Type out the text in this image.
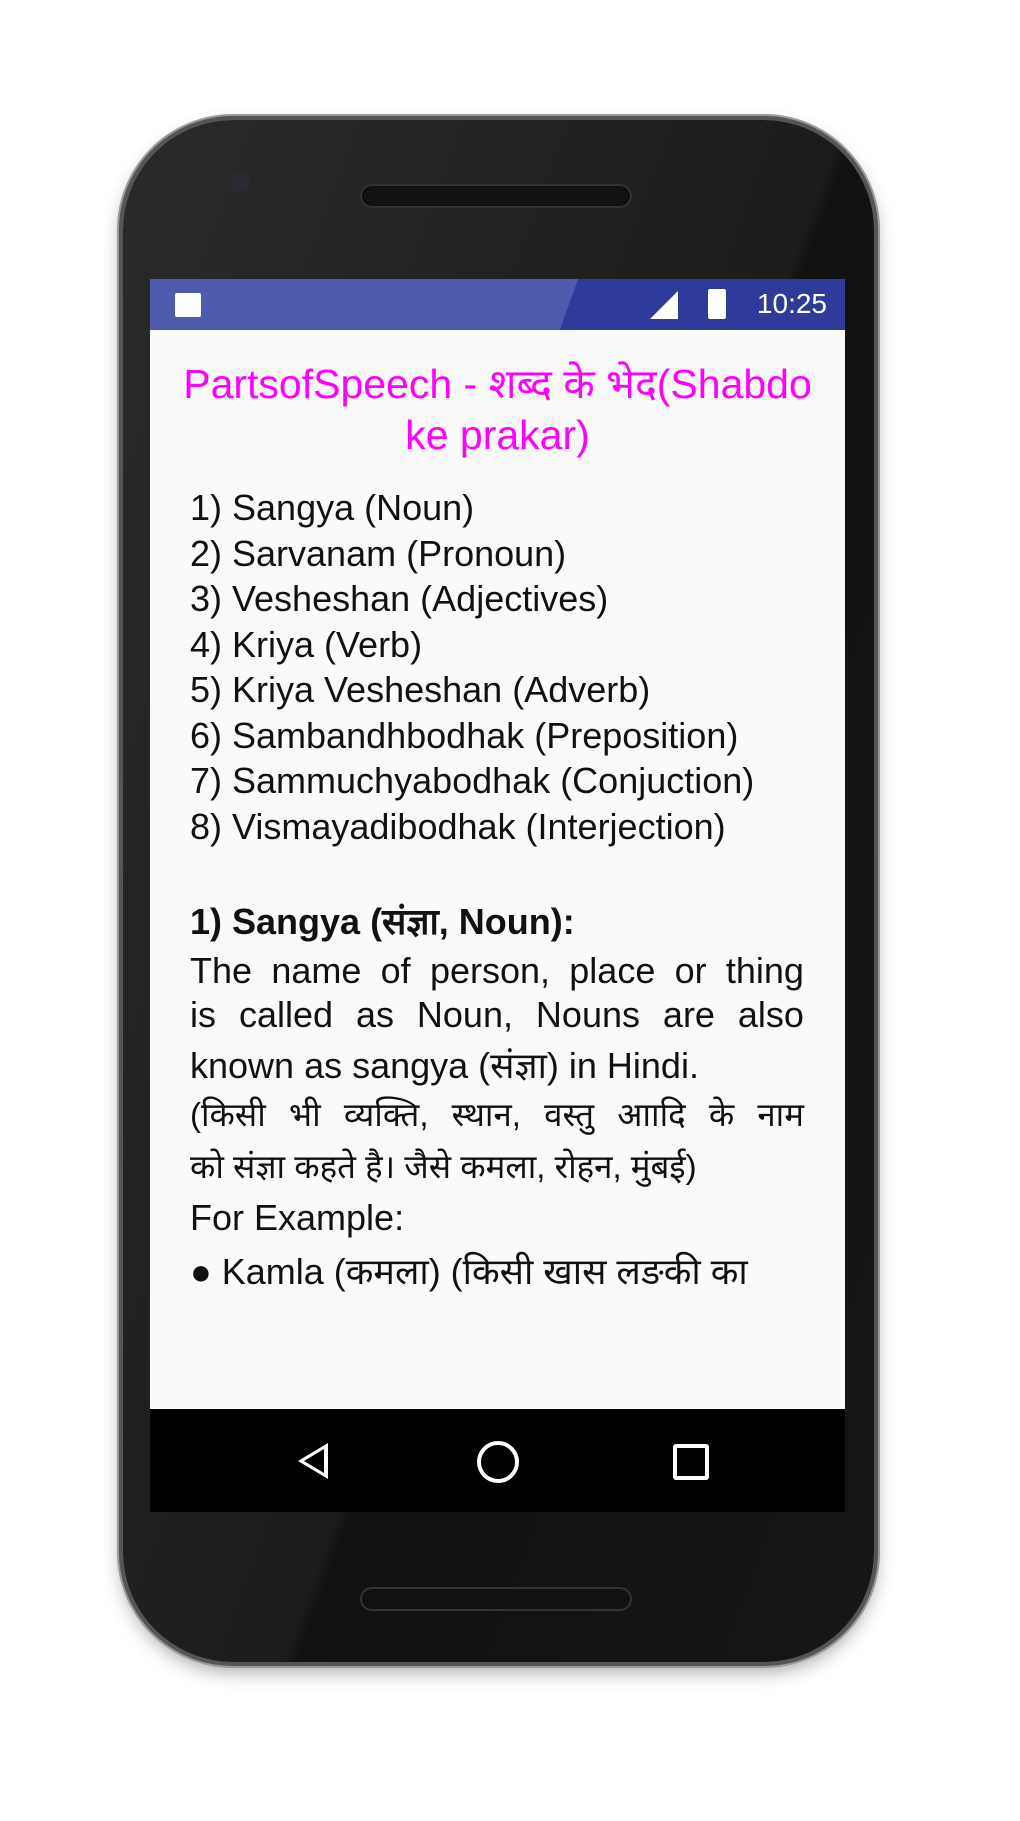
10:25
PartsofSpeech - शब्द के भेद(Shabdo
ke prakar)
1) Sangya (Noun)
2) Sarvanam (Pronoun)
3) Vesheshan (Adjectives)
4) Kriya (Verb)
5) Kriya Vesheshan (Adverb)
6) Sambandhbodhak (Preposition)
7) Sammuchyabodhak (Conjuction)
8) Vismayadibodhak (Interjection)
1) Sangya (संज्ञा, Noun):
The name of person, place or thing
is called as Noun, Nouns are also
known as sangya (संज्ञा) in Hindi.
(किसी भी व्यक्ति, स्थान, वस्तु आादि के नाम
को संज्ञा कहते है। जैसे कमला, रोहन, मुंबई)
For Example:
● Kamla (कमला) (किसी खास लङकी का
